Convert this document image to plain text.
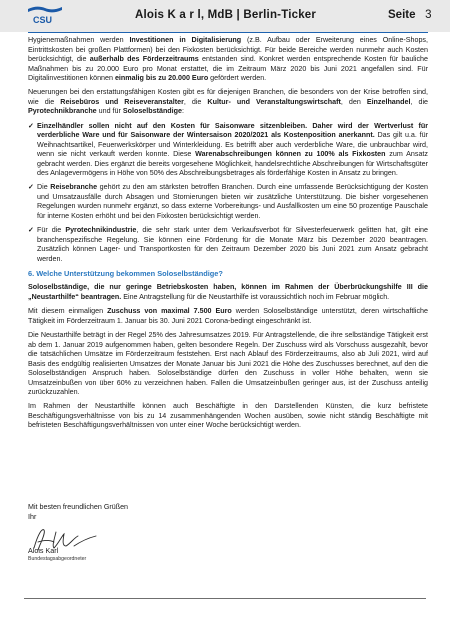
CSU	Alois K a r l, MdB | Berlin-Ticker	Seite 3

Hygienemaßnahmen werden Investitionen in Digitalisierung (z.B. Aufbau oder Erweiterung eines Online-Shops, Eintrittskosten bei großen Plattformen) bei den Fixkosten berücksichtigt. Für beide Bereiche werden nunmehr auch Kosten berücksichtigt, die außerhalb des Förderzeitraums entstanden sind. Konkret werden entsprechende Kosten für bauliche Maßnahmen bis zu 20.000 Euro pro Monat erstattet, die im Zeitraum März 2020 bis Juni 2021 angefallen sind. Für Digitalinvestitionen können einmalig bis zu 20.000 Euro gefördert werden.

Neuerungen bei den erstattungsfähigen Kosten gibt es für diejenigen Branchen, die besonders von der Krise betroffen sind, wie die Reisebüros und Reiseveranstalter, die Kultur- und Veranstaltungswirtschaft, den Einzelhandel, die Pyrotechnikbranche und für Soloselbständige:

✓ Einzelhändler sollen nicht auf den Kosten für Saisonware sitzenbleiben. Daher wird der Wertverlust für verderbliche Ware und für Saisonware der Wintersaison 2020/2021 als Kostenposition anerkannt. Das gilt u.a. für Weihnachtsartikel, Feuerwerkskörper und Winterkleidung. Es betrifft aber auch verderbliche Ware, die unbrauchbar wird, wenn sie nicht verkauft werden konnte. Diese Warenabschreibungen können zu 100% als Fixkosten zum Ansatz gebracht werden. Dies ergänzt die bereits vorgesehene Möglichkeit, handelsrechtliche Abschreibungen für Wirtschaftsgüter des Anlagevermögens in Höhe von 50% des Abschreibungsbetrages als förderfähige Kosten in Ansatz zu bringen.
✓ Die Reisebranche gehört zu den am stärksten betroffen Branchen. Durch eine umfassende Berücksichtigung der Kosten und Umsatzausfälle durch Absagen und Stornierungen bieten wir zusätzliche Unterstützung. Die bisher vorgesehenen Regelungen wurden nunmehr ergänzt, so dass externe Vorbereitungs- und Ausfallkosten um eine 50 prozentige Pauschale für interne Kosten erhöht und bei den Fixkosten berücksichtigt werden.
✓ Für die Pyrotechnikindustrie, die sehr stark unter dem Verkaufsverbot für Silvesterfeuerwerk gelitten hat, gilt eine branchenspezifische Regelung. Sie können eine Förderung für die Monate März bis Dezember 2020 beantragen. Zusätzlich können Lager- und Transportkosten für den Zeitraum Dezember 2020 bis Juni 2021 zum Ansatz gebracht werden.
6. Welche Unterstützung bekommen Soloselbständige?

Soloselbständige, die nur geringe Betriebskosten haben, können im Rahmen der Überbrückungshilfe III die „Neustarthilfe“ beantragen. Eine Antragstellung für die Neustarthilfe ist voraussichtlich noch im Februar möglich.

Mit diesem einmaligen Zuschuss von maximal 7.500 Euro werden Soloselbständige unterstützt, deren wirtschaftliche Tätigkeit im Förderzeitraum 1. Januar bis 30. Juni 2021 Corona-bedingt eingeschränkt ist.

Die Neustarthilfe beträgt in der Regel 25% des Jahresumsatzes 2019. Für Antragstellende, die ihre selbständige Tätigkeit erst ab dem 1. Januar 2019 aufgenommen haben, gelten besondere Regeln. Der Zuschuss wird als Vorschuss ausgezahlt, bevor die tatsächlichen Umsätze im Förderzeitraum feststehen. Erst nach Ablauf des Förderzeitraums, also ab Juli 2021, wird auf Basis des endgültig realisierten Umsatzes der Monate Januar bis Juni 2021 die Höhe des Zuschusses berechnet, auf den die Soloselbständigen Anspruch haben. Soloselbständige dürfen den Zuschuss in voller Höhe behalten, wenn sie Umsatzeinbußen von über 60% zu verzeichnen haben. Fallen die Umsatzeinbußen geringer aus, ist der Zuschuss anteilig zurückzuzahlen.

Im Rahmen der Neustarthilfe können auch Beschäftigte in den Darstellenden Künsten, die kurz befristete Beschäftigungsverhältnisse von bis zu 14 zusammenhängenden Wochen ausüben, sowie nicht ständig Beschäftigte mit befristeten Beschäftigungsverhältnissen von unter einer Woche berücksichtigt werden.

Mit besten freundlichen Grüßen
Ihr
Alois Karl
Bundestagsabgeordneter
